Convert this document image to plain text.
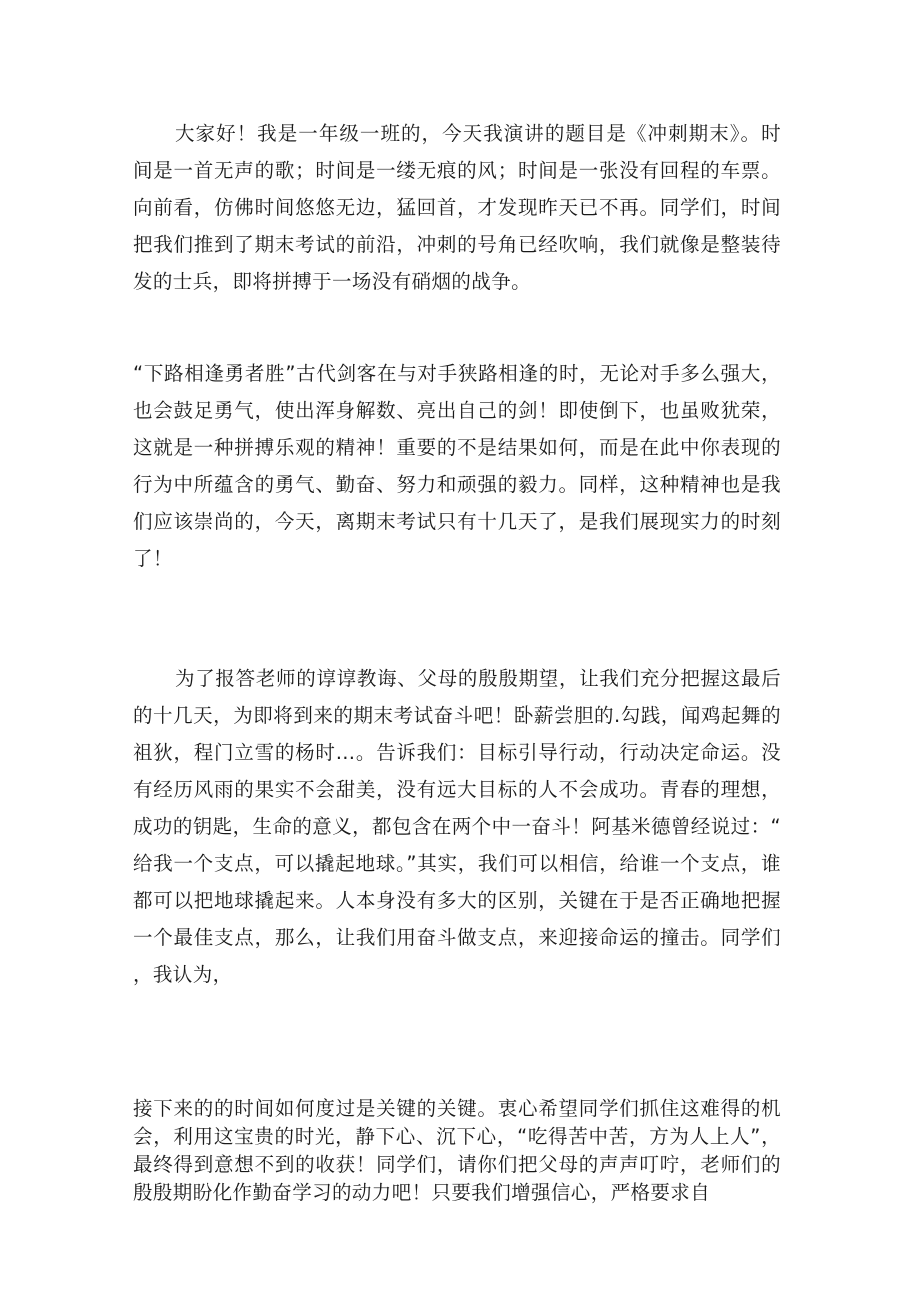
大家好！我是一年级一班的，今天我演讲的题目是《冲刺期末》。时间是一首无声的歌；时间是一缕无痕的风；时间是一张没有回程的车票。向前看，仿佛时间悠悠无边，猛回首，才发现昨天已不再。同学们，时间把我们推到了期末考试的前沿，冲刺的号角已经吹响，我们就像是整装待发的士兵，即将拼搏于一场没有硝烟的战争。

“下路相逢勇者胜”古代剑客在与对手狭路相逢的时，无论对手多么强大，也会鼓足勇气，使出浑身解数、亮出自己的剑！即使倒下，也虽败犹荣，这就是一种拼搏乐观的精神！重要的不是结果如何，而是在此中你表现的行为中所蕴含的勇气、勤奋、努力和顽强的毅力。同样，这种精神也是我们应该崇尚的，今天，离期末考试只有十几天了，是我们展现实力的时刻了！

为了报答老师的谆谆教诲、父母的殷殷期望，让我们充分把握这最后的十几天，为即将到来的期末考试奋斗吧！卧薪尝胆的.勾践，闻鸡起舞的祖狄，程门立雪的杨时…。告诉我们：目标引导行动，行动决定命运。没有经历风雨的果实不会甜美，没有远大目标的人不会成功。青春的理想，成功的钥匙，生命的意义，都包含在两个中一奋斗！阿基米德曾经说过：“给我一个支点，可以撬起地球。”其实，我们可以相信，给谁一个支点，谁都可以把地球撬起来。人本身没有多大的区别，关键在于是否正确地把握一个最佳支点，那么，让我们用奋斗做支点，来迎接命运的撞击。同学们，我认为，

接下来的的时间如何度过是关键的关键。衷心希望同学们抓住这难得的机会，利用这宝贵的时光，静下心、沉下心，“吃得苦中苦，方为人上人”，最终得到意想不到的收获！同学们，请你们把父母的声声叮咛，老师们的殷殷期盼化作勤奋学习的动力吧！只要我们增强信心，严格要求自
